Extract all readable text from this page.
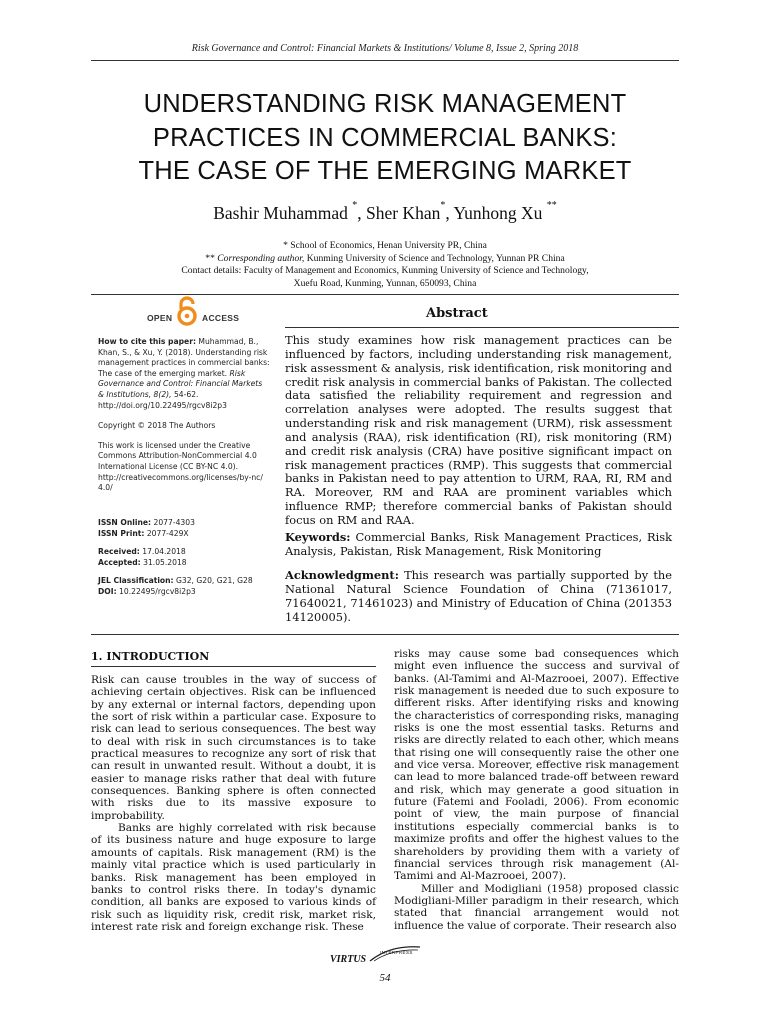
Risk Governance and Control: Financial Markets & Institutions/ Volume 8, Issue 2, Spring 2018
UNDERSTANDING RISK MANAGEMENT
PRACTICES IN COMMERCIAL BANKS:
THE CASE OF THE EMERGING MARKET
Bashir Muhammad *, Sher Khan*, Yunhong Xu **
* School of Economics, Henan University PR, China
** Corresponding author, Kunming University of Science and Technology, Yunnan PR China
Contact details: Faculty of Management and Economics, Kunming University of Science and Technology,
Xuefu Road, Kunming, Yunnan, 650093, China
OPEN	ACCESS	Abstract

How to cite this paper: Muhammad, B., Khan, S., & Xu, Y. (2018). Understanding risk management practices in commercial banks: The case of the emerging market. Risk Governance and Control: Financial Markets & Institutions, 8(2), 54-62.
http://doi.org/10.22495/rgcv8i2p3

Copyright © 2018 The Authors

This work is licensed under the Creative Commons Attribution-NonCommercial 4.0 International License (CC BY-NC 4.0).
http://creativecommons.org/licenses/by-nc/4.0/

ISSN Online: 2077-4303
ISSN Print: 2077-429X
Received: 17.04.2018
Accepted: 31.05.2018
JEL Classification: G32, G20, G21, G28
DOI: 10.22495/rgcv8i2p3

This study examines how risk management practices can be influenced by factors, including understanding risk management, risk assessment & analysis, risk identification, risk monitoring and credit risk analysis in commercial banks of Pakistan. The collected data satisfied the reliability requirement and regression and correlation analyses were adopted. The results suggest that understanding risk and risk management (URM), risk assessment and analysis (RAA), risk identification (RI), risk monitoring (RM) and credit risk analysis (CRA) have positive significant impact on risk management practices (RMP). This suggests that commercial banks in Pakistan need to pay attention to URM, RAA, RI, RM and RA. Moreover, RM and RAA are prominent variables which influence RMP; therefore commercial banks of Pakistan should focus on RM and RAA.

Keywords: Commercial Banks, Risk Management Practices, Risk Analysis, Pakistan, Risk Management, Risk Monitoring
Acknowledgment: This research was partially supported by the National Natural Science Foundation of China (71361017, 71640021, 71461023) and Ministry of Education of China (201353 14120005).
1. INTRODUCTION

Risk can cause troubles in the way of success of achieving certain objectives. Risk can be influenced by any external or internal factors, depending upon the sort of risk within a particular case. Exposure to risk can lead to serious consequences. The best way to deal with risk in such circumstances is to take practical measures to recognize any sort of risk that can result in unwanted result. Without a doubt, it is easier to manage risks rather that deal with future consequences. Banking sphere is often connected with risks due to its massive exposure to improbability.

Banks are highly correlated with risk because of its business nature and huge exposure to large amounts of capitals. Risk management (RM) is the mainly vital practice which is used particularly in banks. Risk management has been employed in banks to control risks there. In today's dynamic condition, all banks are exposed to various kinds of risk such as liquidity risk, credit risk, market risk, interest rate risk and foreign exchange risk. These

risks may cause some bad consequences which might even influence the success and survival of banks. (Al-Tamimi and Al-Mazrooei, 2007). Effective risk management is needed due to such exposure to different risks. After identifying risks and knowing the characteristics of corresponding risks, managing risks is one the most essential tasks. Returns and risks are directly related to each other, which means that rising one will consequently raise the other one and vice versa. Moreover, effective risk management can lead to more balanced trade-off between reward and risk, which may generate a good situation in future (Fatemi and Fooladi, 2006). From economic point of view, the main purpose of financial institutions especially commercial banks is to maximize profits and offer the highest values to the shareholders by providing them with a variety of financial services through risk management (Al-Tamimi and Al-Mazrooei, 2007).

Miller and Modigliani (1958) proposed classic Modigliani-Miller paradigm in their research, which stated that financial arrangement would not influence the value of corporate. Their research also

VIRTUS
INTERPRESS
54
